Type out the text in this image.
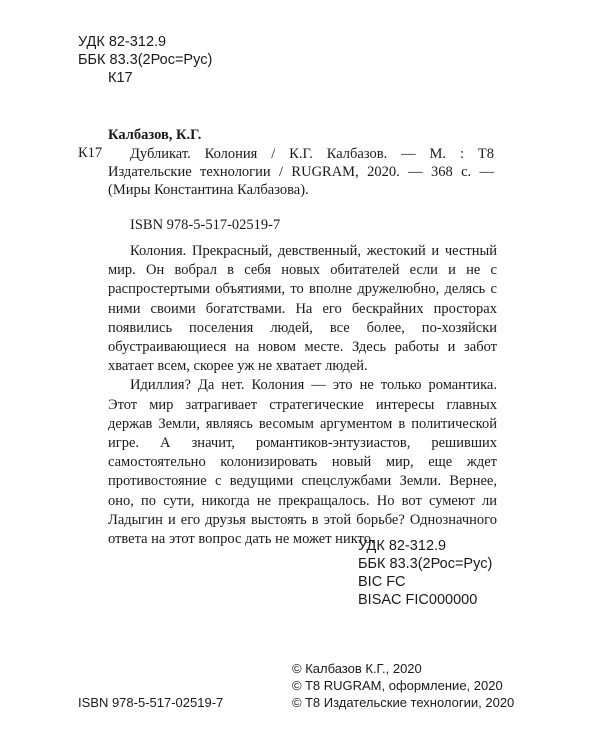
УДК 82-312.9
ББК 83.3(2Рос=Рус)
К17
К17
Калбазов, К.Г.
Дубликат. Колония / К.Г. Калбазов. — М. : T8 Издательские технологии / RUGRAM, 2020. — 368 с. — (Миры Константина Калбазова).
ISBN 978-5-517-02519-7

Колония. Прекрасный, девственный, жестокий и честный мир. Он вобрал в себя новых обитателей если и не с распростертыми объятиями, то вполне дружелюбно, делясь с ними своими богатствами. На его бескрайних просторах появились поселения людей, все более, по-хозяйски обустраивающиеся на новом месте. Здесь работы и забот хватает всем, скорее уж не хватает людей.

Идиллия? Да нет. Колония — это не только романтика. Этот мир затрагивает стратегические интересы главных держав Земли, являясь весомым аргументом в политической игре. А значит, романтиков-энтузиастов, решивших самостоятельно колонизировать новый мир, еще ждет противостояние с ведущими спецслужбами Земли. Вернее, оно, по сути, никогда не прекращалось. Но вот сумеют ли Ладыгин и его друзья выстоять в этой борьбе? Однозначного ответа на этот вопрос дать не может никто.

УДК 82-312.9
ББК 83.3(2Рос=Рус)
BIC FC
BISAC FIC000000
© Калбазов К.Г., 2020
© T8 RUGRAM, оформление, 2020
© T8 Издательские технологии, 2020
ISBN 978-5-517-02519-7
